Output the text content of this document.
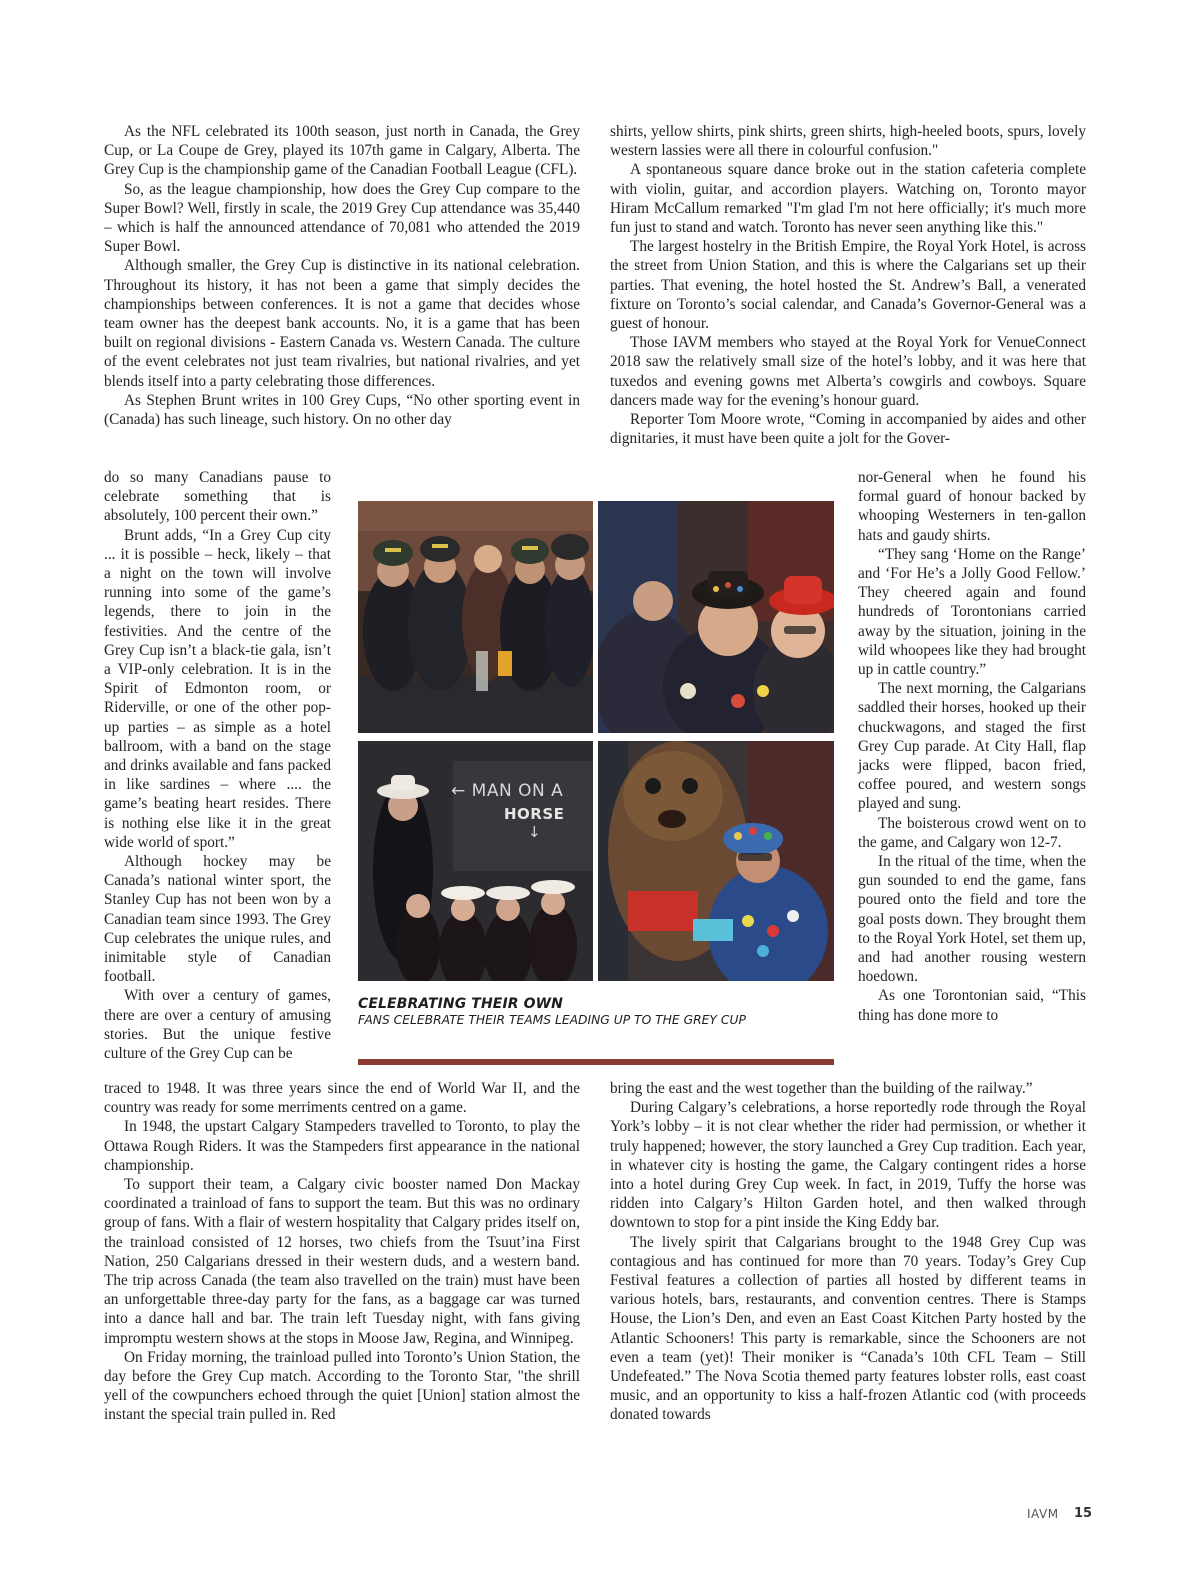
As the NFL celebrated its 100th season, just north in Canada, the Grey Cup, or La Coupe de Grey, played its 107th game in Calgary, Alberta. The Grey Cup is the championship game of the Canadian Football League (CFL).

So, as the league championship, how does the Grey Cup compare to the Super Bowl? Well, firstly in scale, the 2019 Grey Cup attendance was 35,440 – which is half the announced attendance of 70,081 who attended the 2019 Super Bowl.

Although smaller, the Grey Cup is distinctive in its national celebration. Throughout its history, it has not been a game that simply decides the championships between conferences. It is not a game that decides whose team owner has the deepest bank accounts. No, it is a game that has been built on regional divisions - Eastern Canada vs. Western Canada. The culture of the event celebrates not just team rivalries, but national rivalries, and yet blends itself into a party celebrating those differences.

As Stephen Brunt writes in 100 Grey Cups, “No other sporting event in (Canada) has such lineage, such history. On no other day

do so many Canadians pause to celebrate something that is absolutely, 100 percent their own.”

Brunt adds, “In a Grey Cup city ... it is possible – heck, likely – that a night on the town will involve running into some of the game’s legends, there to join in the festivities. And the centre of the Grey Cup isn’t a black-tie gala, isn’t a VIP-only celebration. It is in the Spirit of Edmonton room, or Riderville, or one of the other pop-up parties – as simple as a hotel ballroom, with a band on the stage and drinks available and fans packed in like sardines – where .... the game’s beating heart resides. There is nothing else like it in the great wide world of sport.”

Although hockey may be Canada’s national winter sport, the Stanley Cup has not been won by a Canadian team since 1993. The Grey Cup celebrates the unique rules, and inimitable style of Canadian football.

With over a century of games, there are over a century of amusing stories. But the unique festive culture of the Grey Cup can be

traced to 1948. It was three years since the end of World War II, and the country was ready for some merriments centred on a game.

In 1948, the upstart Calgary Stampeders travelled to Toronto, to play the Ottawa Rough Riders. It was the Stampeders first appearance in the national championship.

To support their team, a Calgary civic booster named Don Mackay coordinated a trainload of fans to support the team. But this was no ordinary group of fans. With a flair of western hospitality that Calgary prides itself on, the trainload consisted of 12 horses, two chiefs from the Tsuut’ina First Nation, 250 Calgarians dressed in their western duds, and a western band. The trip across Canada (the team also travelled on the train) must have been an unforgettable three-day party for the fans, as a baggage car was turned into a dance hall and bar. The train left Tuesday night, with fans giving impromptu western shows at the stops in Moose Jaw, Regina, and Winnipeg.

On Friday morning, the trainload pulled into Toronto’s Union Station, the day before the Grey Cup match. According to the Toronto Star, "the shrill yell of the cowpunchers echoed through the quiet [Union] station almost the instant the special train pulled in. Red

shirts, yellow shirts, pink shirts, green shirts, high-heeled boots, spurs, lovely western lassies were all there in colourful confusion."

A spontaneous square dance broke out in the station cafeteria complete with violin, guitar, and accordion players. Watching on, Toronto mayor Hiram McCallum remarked "I'm glad I'm not here officially; it's much more fun just to stand and watch. Toronto has never seen anything like this."

The largest hostelry in the British Empire, the Royal York Hotel, is across the street from Union Station, and this is where the Calgarians set up their parties. That evening, the hotel hosted the St. Andrew’s Ball, a venerated fixture on Toronto’s social calendar, and Canada’s Governor-General was a guest of honour.

Those IAVM members who stayed at the Royal York for VenueConnect 2018 saw the relatively small size of the hotel’s lobby, and it was here that tuxedos and evening gowns met Alberta’s cowgirls and cowboys. Square dancers made way for the evening’s honour guard.

Reporter Tom Moore wrote, “Coming in accompanied by aides and other dignitaries, it must have been quite a jolt for the Gover-

nor-General when he found his formal guard of honour backed by whooping Westerners in ten-gallon hats and gaudy shirts.

“They sang ‘Home on the Range’ and ‘For He’s a Jolly Good Fellow.’ They cheered again and found hundreds of Torontonians carried away by the situation, joining in the wild whoopees like they had brought up in cattle country.”

The next morning, the Calgarians saddled their horses, hooked up their chuckwagons, and staged the first Grey Cup parade. At City Hall, flap jacks were flipped, bacon fried, coffee poured, and western songs played and sung.

The boisterous crowd went on to the game, and Calgary won 12-7.

In the ritual of the time, when the gun sounded to end the game, fans poured onto the field and tore the goal posts down. They brought them to the Royal York Hotel, set them up, and had another rousing western hoedown.

As one Torontonian said, “This thing has done more to

bring the east and the west together than the building of the railway.”

During Calgary’s celebrations, a horse reportedly rode through the Royal York’s lobby – it is not clear whether the rider had permission, or whether it truly happened; however, the story launched a Grey Cup tradition. Each year, in whatever city is hosting the game, the Calgary contingent rides a horse into a hotel during Grey Cup week. In fact, in 2019, Tuffy the horse was ridden into Calgary’s Hilton Garden hotel, and then walked through downtown to stop for a pint inside the King Eddy bar.

The lively spirit that Calgarians brought to the 1948 Grey Cup was contagious and has continued for more than 70 years. Today’s Grey Cup Festival features a collection of parties all hosted by different teams in various hotels, bars, restaurants, and convention centres. There is Stamps House, the Lion’s Den, and even an East Coast Kitchen Party hosted by the Atlantic Schooners! This party is remarkable, since the Schooners are not even a team (yet)! Their moniker is “Canada’s 10th CFL Team – Still Undefeated.” The Nova Scotia themed party features lobster rolls, east coast music, and an opportunity to kiss a half-frozen Atlantic cod (with proceeds donated towards

← MAN ON A
HORSE
↓
CELEBRATING THEIR OWN
FANS CELEBRATE THEIR TEAMS LEADING UP TO THE GREY CUP
IAVM 15
